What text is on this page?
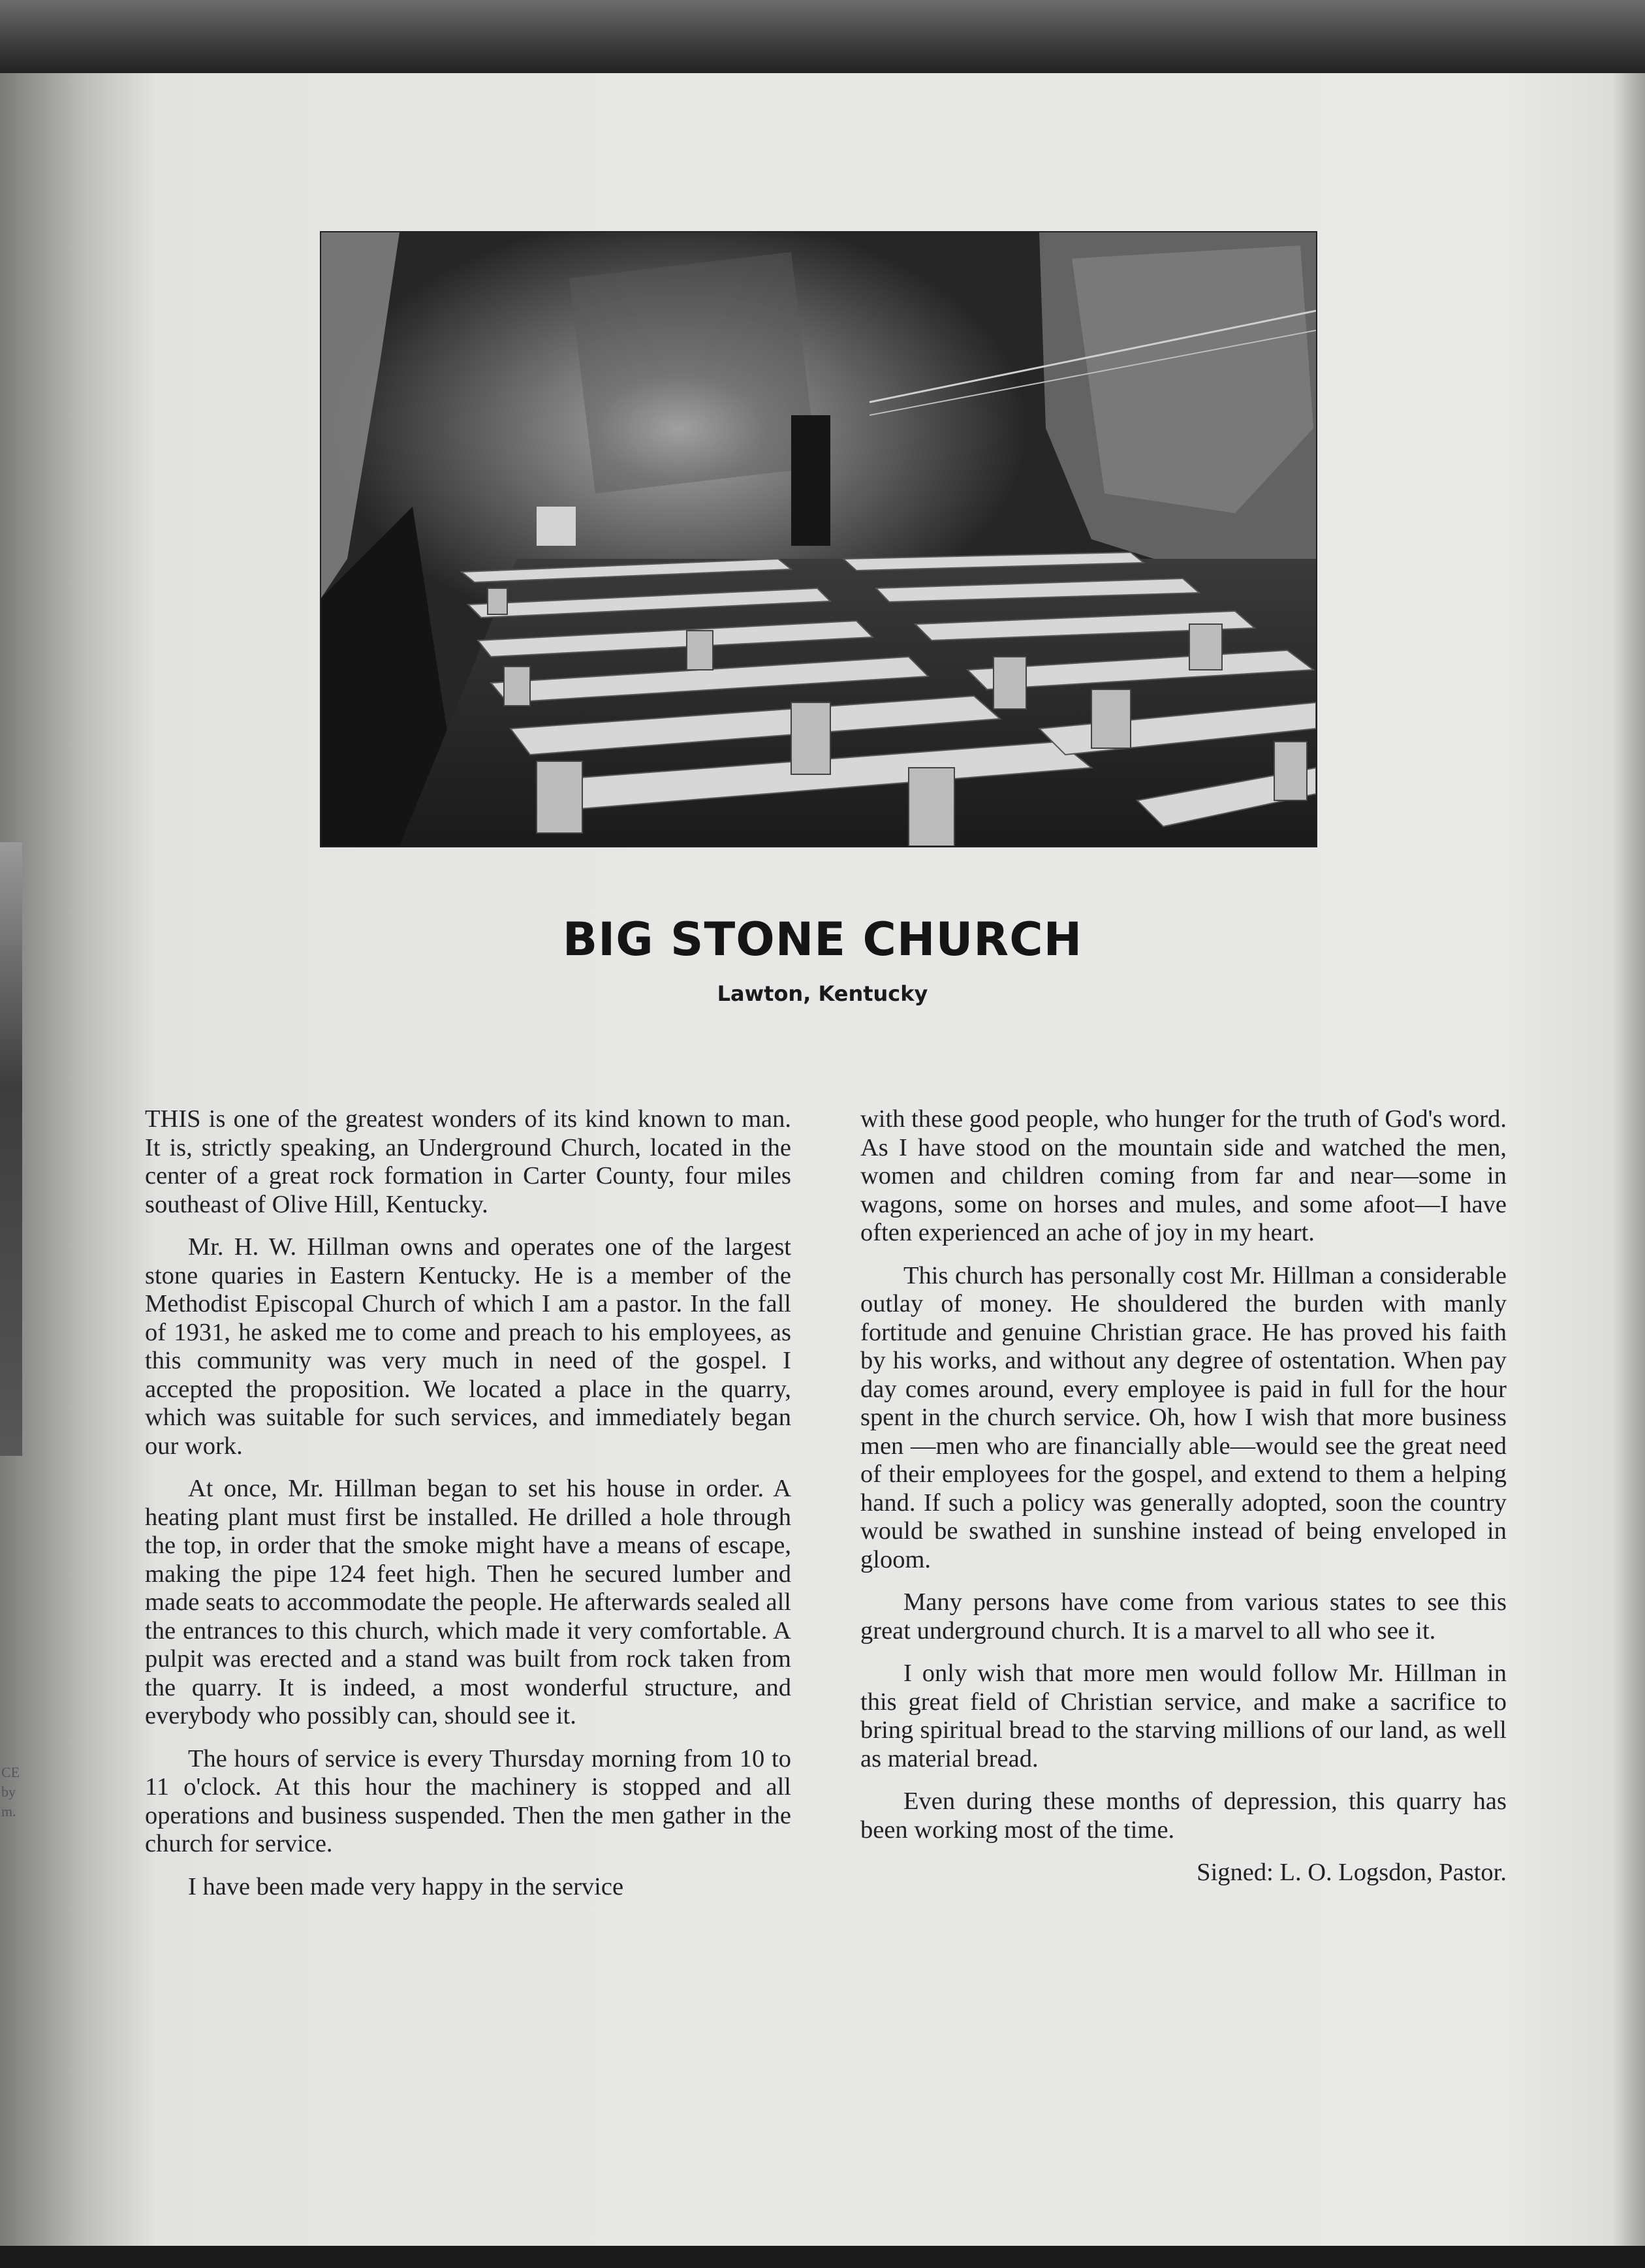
CE
by
m.
BIG STONE CHURCH
Lawton, Kentucky

THIS is one of the greatest wonders of its kind known to man. It is, strictly speaking, an Underground Church, located in the center of a great rock formation in Carter County, four miles southeast of Olive Hill, Kentucky.

Mr. H. W. Hillman owns and operates one of the largest stone quaries in Eastern Kentucky. He is a member of the Methodist Episcopal Church of which I am a pastor. In the fall of 1931, he asked me to come and preach to his employees, as this community was very much in need of the gospel. I accepted the proposition. We located a place in the quarry, which was suitable for such services, and immediately began our work.

At once, Mr. Hillman began to set his house in order. A heating plant must first be installed. He drilled a hole through the top, in order that the smoke might have a means of escape, making the pipe 124 feet high. Then he secured lumber and made seats to accommodate the people. He afterwards sealed all the entrances to this church, which made it very comfortable. A pulpit was erected and a stand was built from rock taken from the quarry. It is indeed, a most wonderful structure, and everybody who possibly can, should see it.

The hours of service is every Thursday morning from 10 to 11 o'clock. At this hour the machinery is stopped and all operations and business suspended. Then the men gather in the church for service.

I have been made very happy in the service

with these good people, who hunger for the truth of God's word. As I have stood on the mountain side and watched the men, women and children coming from far and near—some in wagons, some on horses and mules, and some afoot—I have often experienced an ache of joy in my heart.

This church has personally cost Mr. Hillman a considerable outlay of money. He shouldered the burden with manly fortitude and genuine Christian grace. He has proved his faith by his works, and without any degree of ostentation. When pay day comes around, every employee is paid in full for the hour spent in the church service. Oh, how I wish that more business men —men who are financially able—would see the great need of their employees for the gospel, and extend to them a helping hand. If such a policy was generally adopted, soon the country would be swathed in sunshine instead of being enveloped in gloom.

Many persons have come from various states to see this great underground church. It is a marvel to all who see it.

I only wish that more men would follow Mr. Hillman in this great field of Christian service, and make a sacrifice to bring spiritual bread to the starving millions of our land, as well as material bread.

Even during these months of depression, this quarry has been working most of the time.

Signed: L. O. Logsdon, Pastor.
